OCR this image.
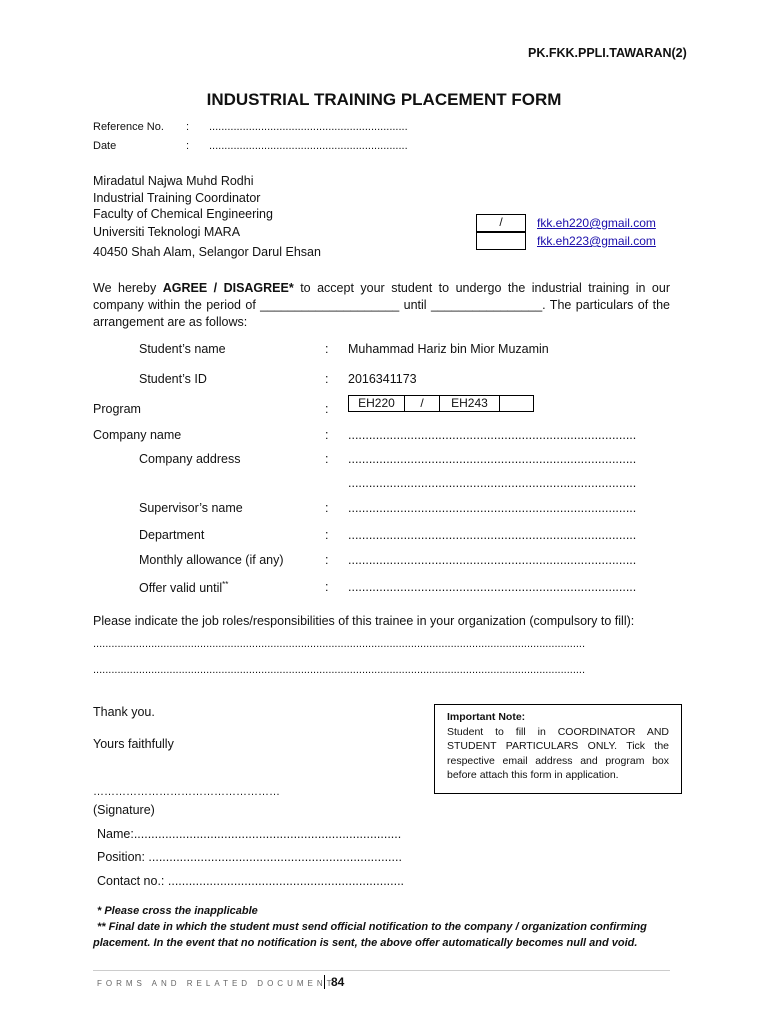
PK.FKK.PPLI.TAWARAN(2)
INDUSTRIAL TRAINING PLACEMENT FORM
Reference No. : .................................................................
Date	: .................................................................
Miradatul Najwa Muhd Rodhi
Industrial Training Coordinator
Faculty of Chemical Engineering
Universiti Teknologi MARA
40450 Shah Alam, Selangor Darul Ehsan
/	fkk.eh220@gmail.com
fkk.eh223@gmail.com
We hereby AGREE / DISAGREE* to accept your student to undergo the industrial training in our company within the period of ____________________ until ________________. The particulars of the arrangement are as follows:
Student’s name	: Muhammad Hariz bin Mior Muzamin
Student’s ID	: 2016341173
Program	:	EH220	/	EH243
Company name	: ...................................................................................
Company address	: ...................................................................................
...................................................................................
Supervisor’s name	: ...................................................................................
Department	: ...................................................................................
Monthly allowance (if any)	: ...................................................................................
Offer valid until**	: ...................................................................................
Please indicate the job roles/responsibilities of this trainee in your organization (compulsory to fill):
.................................................................................................................................................................
.................................................................................................................................................................
Thank you.
Yours faithfully
……………………………………………
(Signature)
Name:.............................................................................
Position: .........................................................................
Contact no.: ....................................................................
Important Note:
Student to fill in COORDINATOR AND STUDENT PARTICULARS ONLY. Tick the respective email address and program box before attach this form in application.
* Please cross the inapplicable
** Final date in which the student must send official notification to the company / organization confirming
placement. In the event that no notification is sent, the above offer automatically becomes null and void.
FORMS AND RELATED DOCUMENT
84
